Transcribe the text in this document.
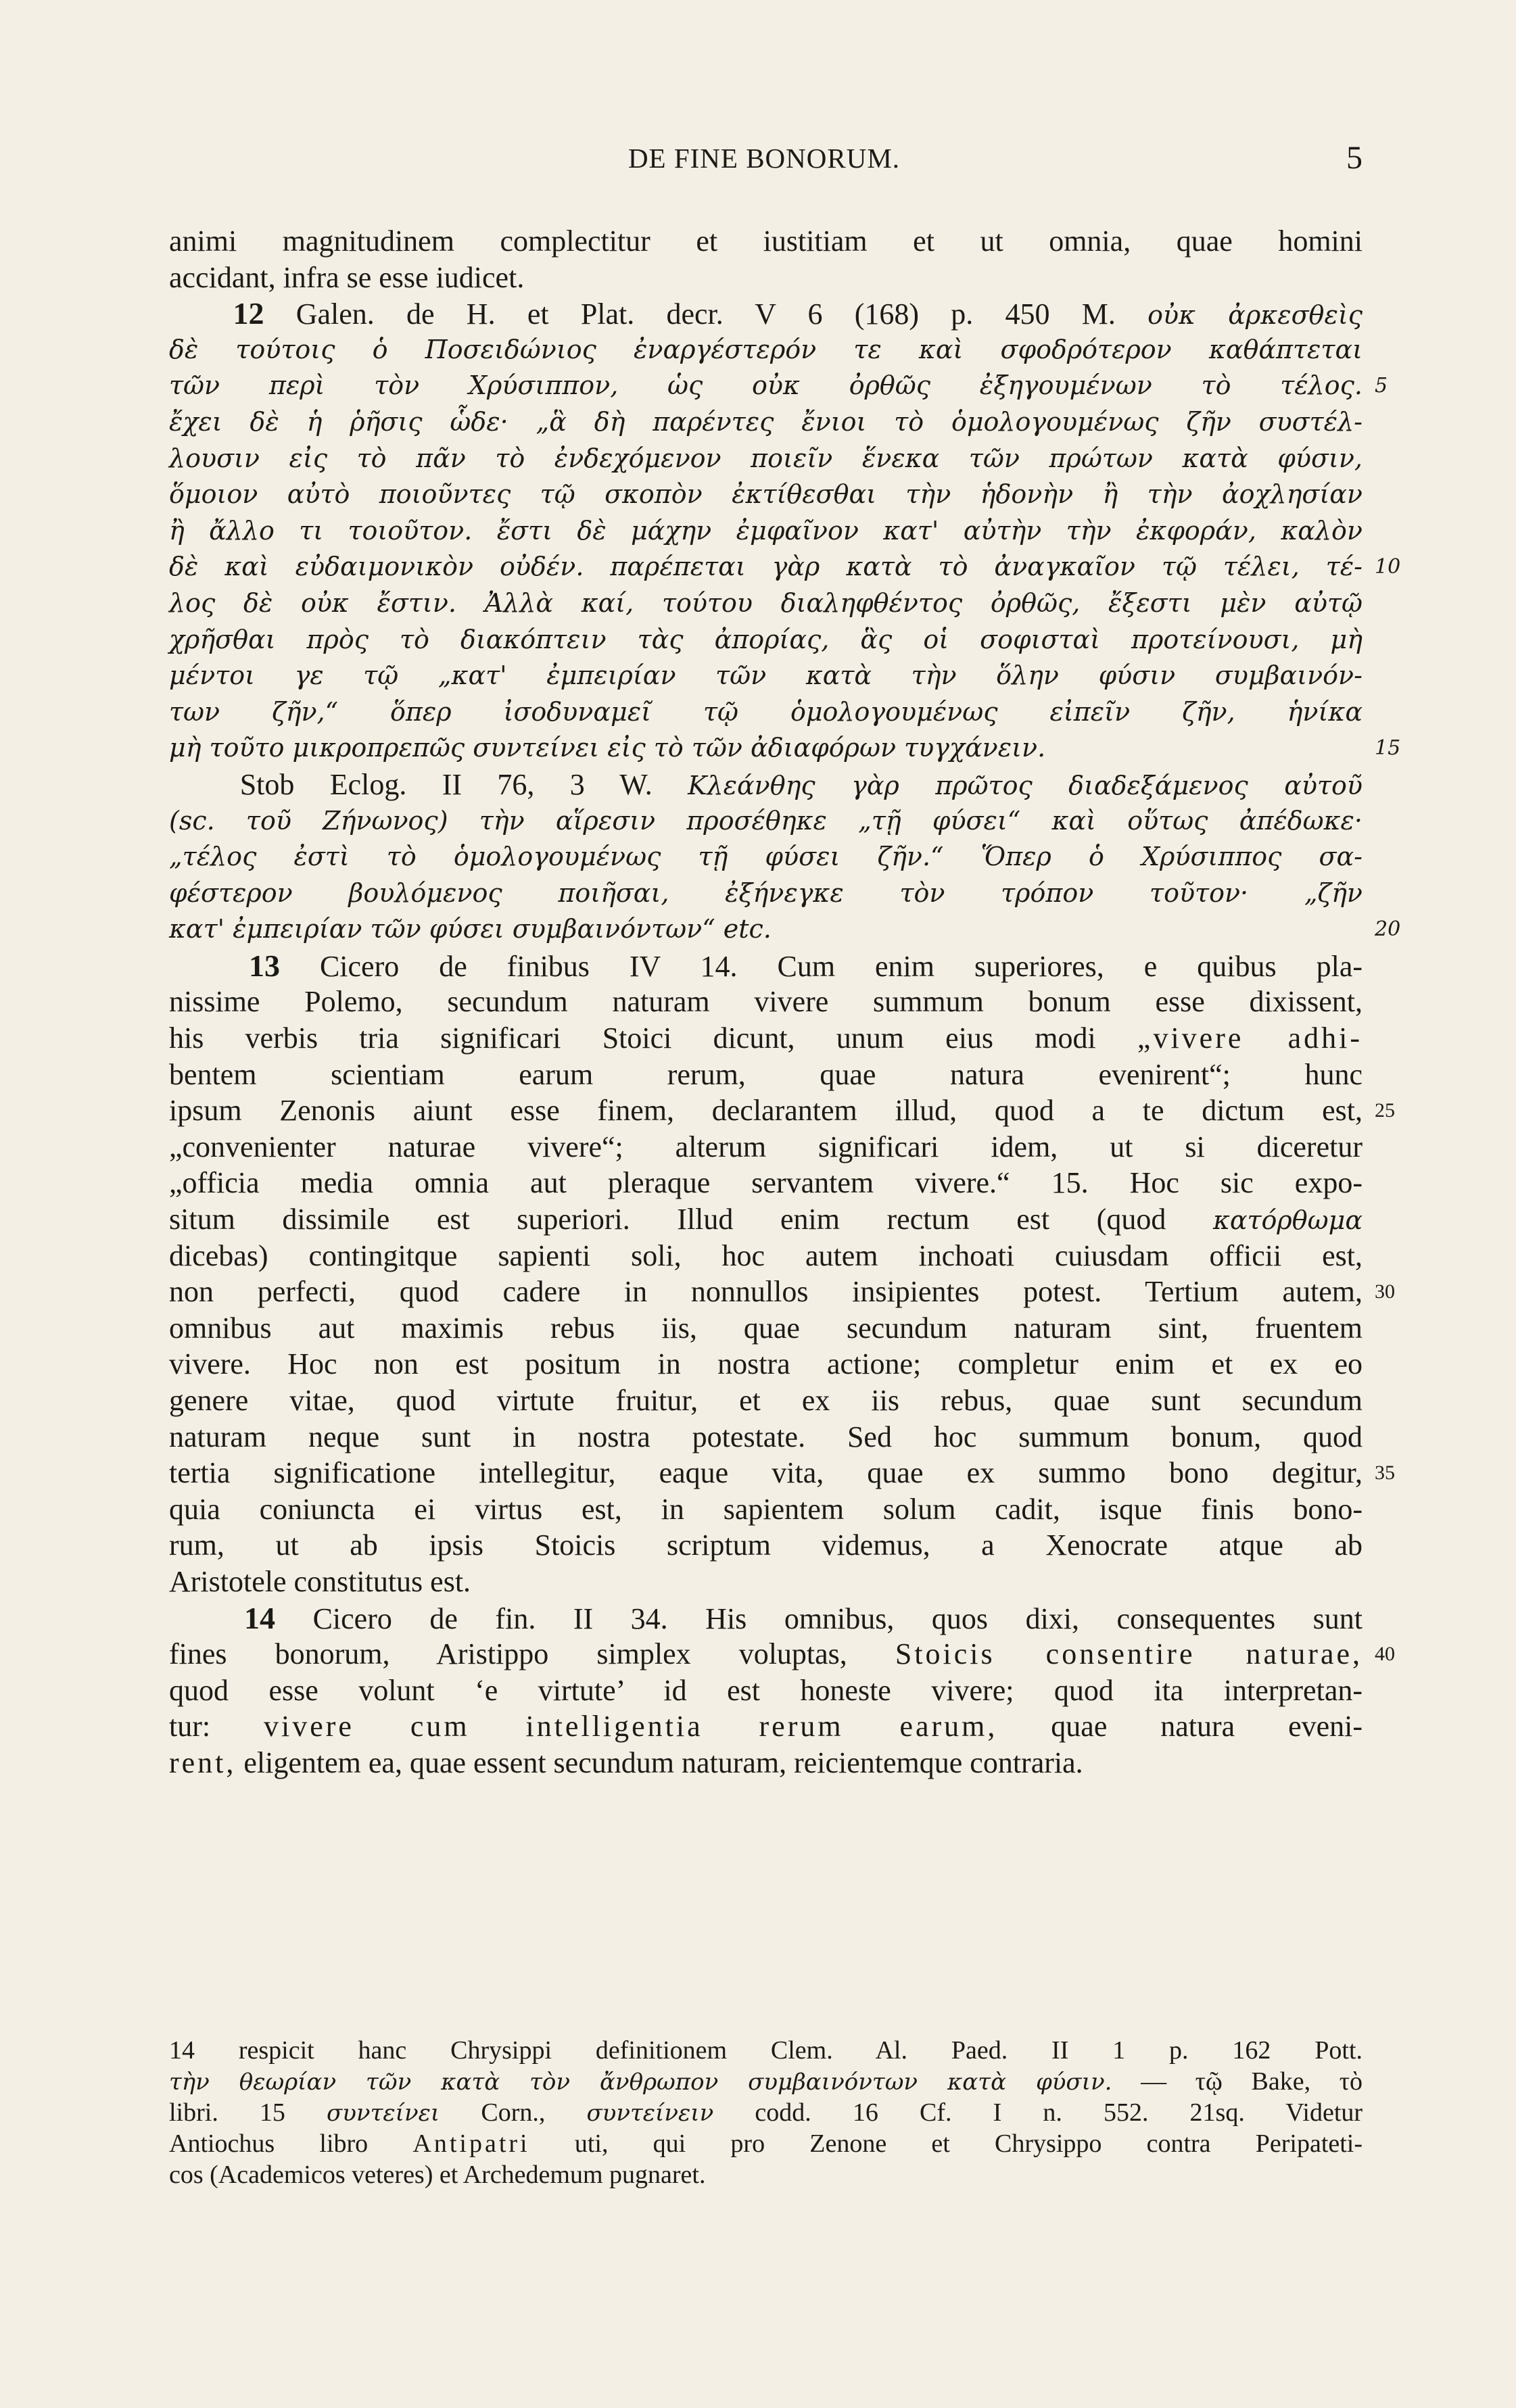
DE FINE BONORUM.	5
animi magnitudinem complectitur et iustitiam et ut omnia, quae homini
accidant, infra se esse iudicet.
12 Galen. de H. et Plat. decr. V 6 (168) p. 450 M. οὐκ ἀρκεσθεὶς
δὲ τούτοις ὁ Ποσειδώνιος ἐναργέστερόν τε καὶ σφοδρότερον καθάπτεται
τῶν περὶ τὸν Χρύσιππον, ὡς οὐκ ὀρθῶς ἐξηγουμένων τὸ τέλος. 5
ἔχει δὲ ἡ ῥῆσις ὧδε· „ἃ δὴ παρέντες ἔνιοι τὸ ὁμολογουμένως ζῆν συστέλ-
λουσιν εἰς τὸ πᾶν τὸ ἐνδεχόμενον ποιεῖν ἕνεκα τῶν πρώτων κατὰ φύσιν,
ὅμοιον αὐτὸ ποιοῦντες τῷ σκοπὸν ἐκτίθεσθαι τὴν ἡδονὴν ἢ τὴν ἀοχλησίαν
ἢ ἄλλο τι τοιοῦτον. ἔστι δὲ μάχην ἐμφαῖνον κατ' αὐτὴν τὴν ἐκφοράν, καλὸν
δὲ καὶ εὐδαιμονικὸν οὐδέν. παρέπεται γὰρ κατὰ τὸ ἀναγκαῖον τῷ τέλει, τέ- 10
λος δὲ οὐκ ἔστιν. Ἀλλὰ καί, τούτου διαληφθέντος ὀρθῶς, ἔξεστι μὲν αὐτῷ
χρῆσθαι πρὸς τὸ διακόπτειν τὰς ἀπορίας, ἃς οἱ σοφισταὶ προτείνουσι, μὴ
μέντοι γε τῷ „κατ' ἐμπειρίαν τῶν κατὰ τὴν ὅλην φύσιν συμβαινόν-
των ζῆν,“ ὅπερ ἰσοδυναμεῖ τῷ ὁμολογουμένως εἰπεῖν ζῆν, ἡνίκα
μὴ τοῦτο μικροπρεπῶς συντείνει εἰς τὸ τῶν ἀδιαφόρων τυγχάνειν.	15
Stob Eclog. II 76, 3 W. Κλεάνθης γὰρ πρῶτος διαδεξάμενος αὐτοῦ
(sc. τοῦ Ζήνωνος) τὴν αἵρεσιν προσέθηκε „τῇ φύσει“ καὶ οὕτως ἀπέδωκε·
„τέλος ἐστὶ τὸ ὁμολογουμένως τῇ φύσει ζῆν.“ Ὅπερ ὁ Χρύσιππος σα-
φέστερον βουλόμενος ποιῆσαι, ἐξήνεγκε τὸν τρόπον τοῦτον· „ζῆν
κατ' ἐμπειρίαν τῶν φύσει συμβαινόντων“ etc.	20
13 Cicero de finibus IV 14. Cum enim superiores, e quibus pla-
nissime Polemo, secundum naturam vivere summum bonum esse dixissent,
his verbis tria significari Stoici dicunt, unum eius modi „vivere adhi-
bentem scientiam earum rerum, quae natura evenirent“; hunc
ipsum Zenonis aiunt esse finem, declarantem illud, quod a te dictum est, 25
„convenienter naturae vivere“; alterum significari idem, ut si diceretur
„officia media omnia aut pleraque servantem vivere.“ 15. Hoc sic expo-
situm dissimile est superiori. Illud enim rectum est (quod κατόρθωμα
dicebas) contingitque sapienti soli, hoc autem inchoati cuiusdam officii est,
non perfecti, quod cadere in nonnullos insipientes potest. Tertium autem, 30
omnibus aut maximis rebus iis, quae secundum naturam sint, fruentem
vivere. Hoc non est positum in nostra actione; completur enim et ex eo
genere vitae, quod virtute fruitur, et ex iis rebus, quae sunt secundum
naturam neque sunt in nostra potestate. Sed hoc summum bonum, quod
tertia significatione intellegitur, eaque vita, quae ex summo bono degitur, 35
quia coniuncta ei virtus est, in sapientem solum cadit, isque finis bono-
rum, ut ab ipsis Stoicis scriptum videmus, a Xenocrate atque ab
Aristotele constitutus est.
14 Cicero de fin. II 34. His omnibus, quos dixi, consequentes sunt
fines bonorum, Aristippo simplex voluptas, Stoicis consentire naturae, 40
quod esse volunt ‘e virtute’ id est honeste vivere; quod ita interpretan-
tur: vivere cum intelligentia rerum earum, quae natura eveni-
rent, eligentem ea, quae essent secundum naturam, reicientemque contraria.
14 respicit hanc Chrysippi definitionem Clem. Al. Paed. II 1 p. 162 Pott.
τὴν θεωρίαν τῶν κατὰ τὸν ἄνθρωπον συμβαινόντων κατὰ φύσιν. — τῷ Bake, τὸ
libri. 15 συντείνει Corn., συντείνειν codd. 16 Cf. I n. 552. 21sq. Videtur
Antiochus libro Antipatri uti, qui pro Zenone et Chrysippo contra Peripateti-
cos (Academicos veteres) et Archedemum pugnaret.
